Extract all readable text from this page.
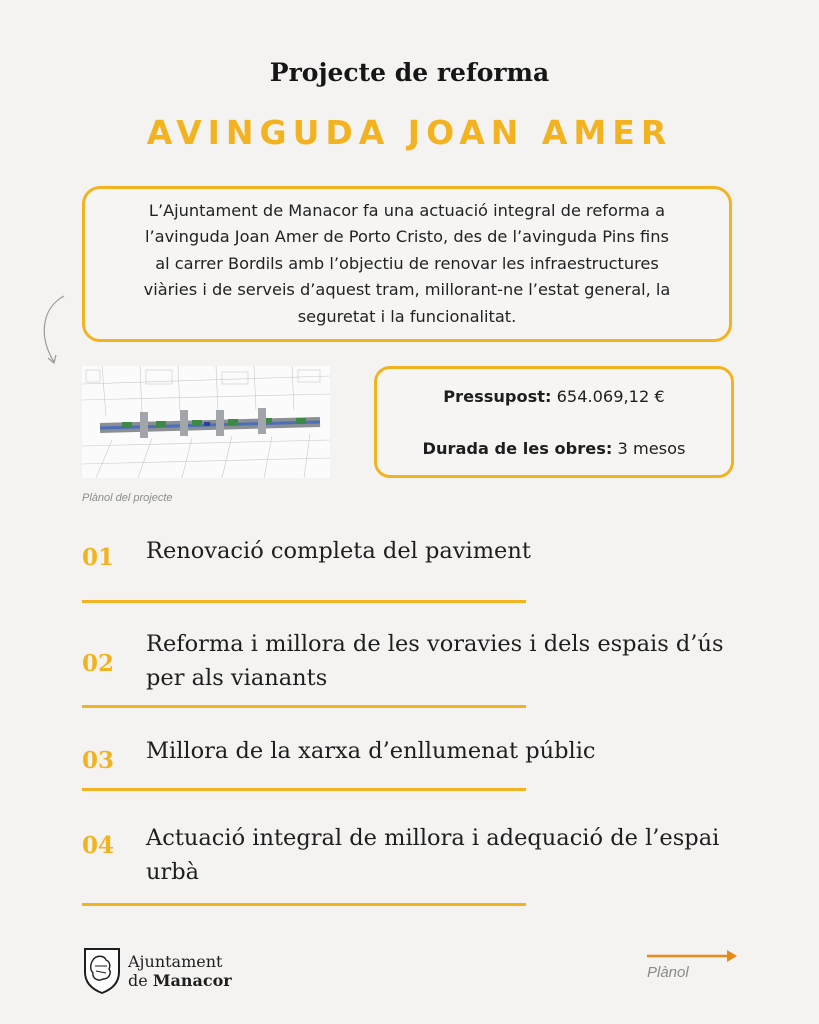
Projecte de reforma
AVINGUDA JOAN AMER
L’Ajuntament de Manacor fa una actuació integral de reforma a
l’avinguda Joan Amer de Porto Cristo, des de l’avinguda Pins fins
al carrer Bordils amb l’objectiu de renovar les infraestructures
viàries i de serveis d’aquest tram, millorant-ne l’estat general, la
seguretat i la funcionalitat.
Plànol del projecte
Pressupost: 654.069,12 €
Durada de les obres: 3 mesos
01 Renovació completa del paviment
02
Reforma i millora de les voravies i dels espais d’ús
per als vianants
03 Millora de la xarxa d’enllumenat públic
04 Actuació integral de millora i adequació de l’espai
urbà
Ajuntament
de Manacor	Plànol
